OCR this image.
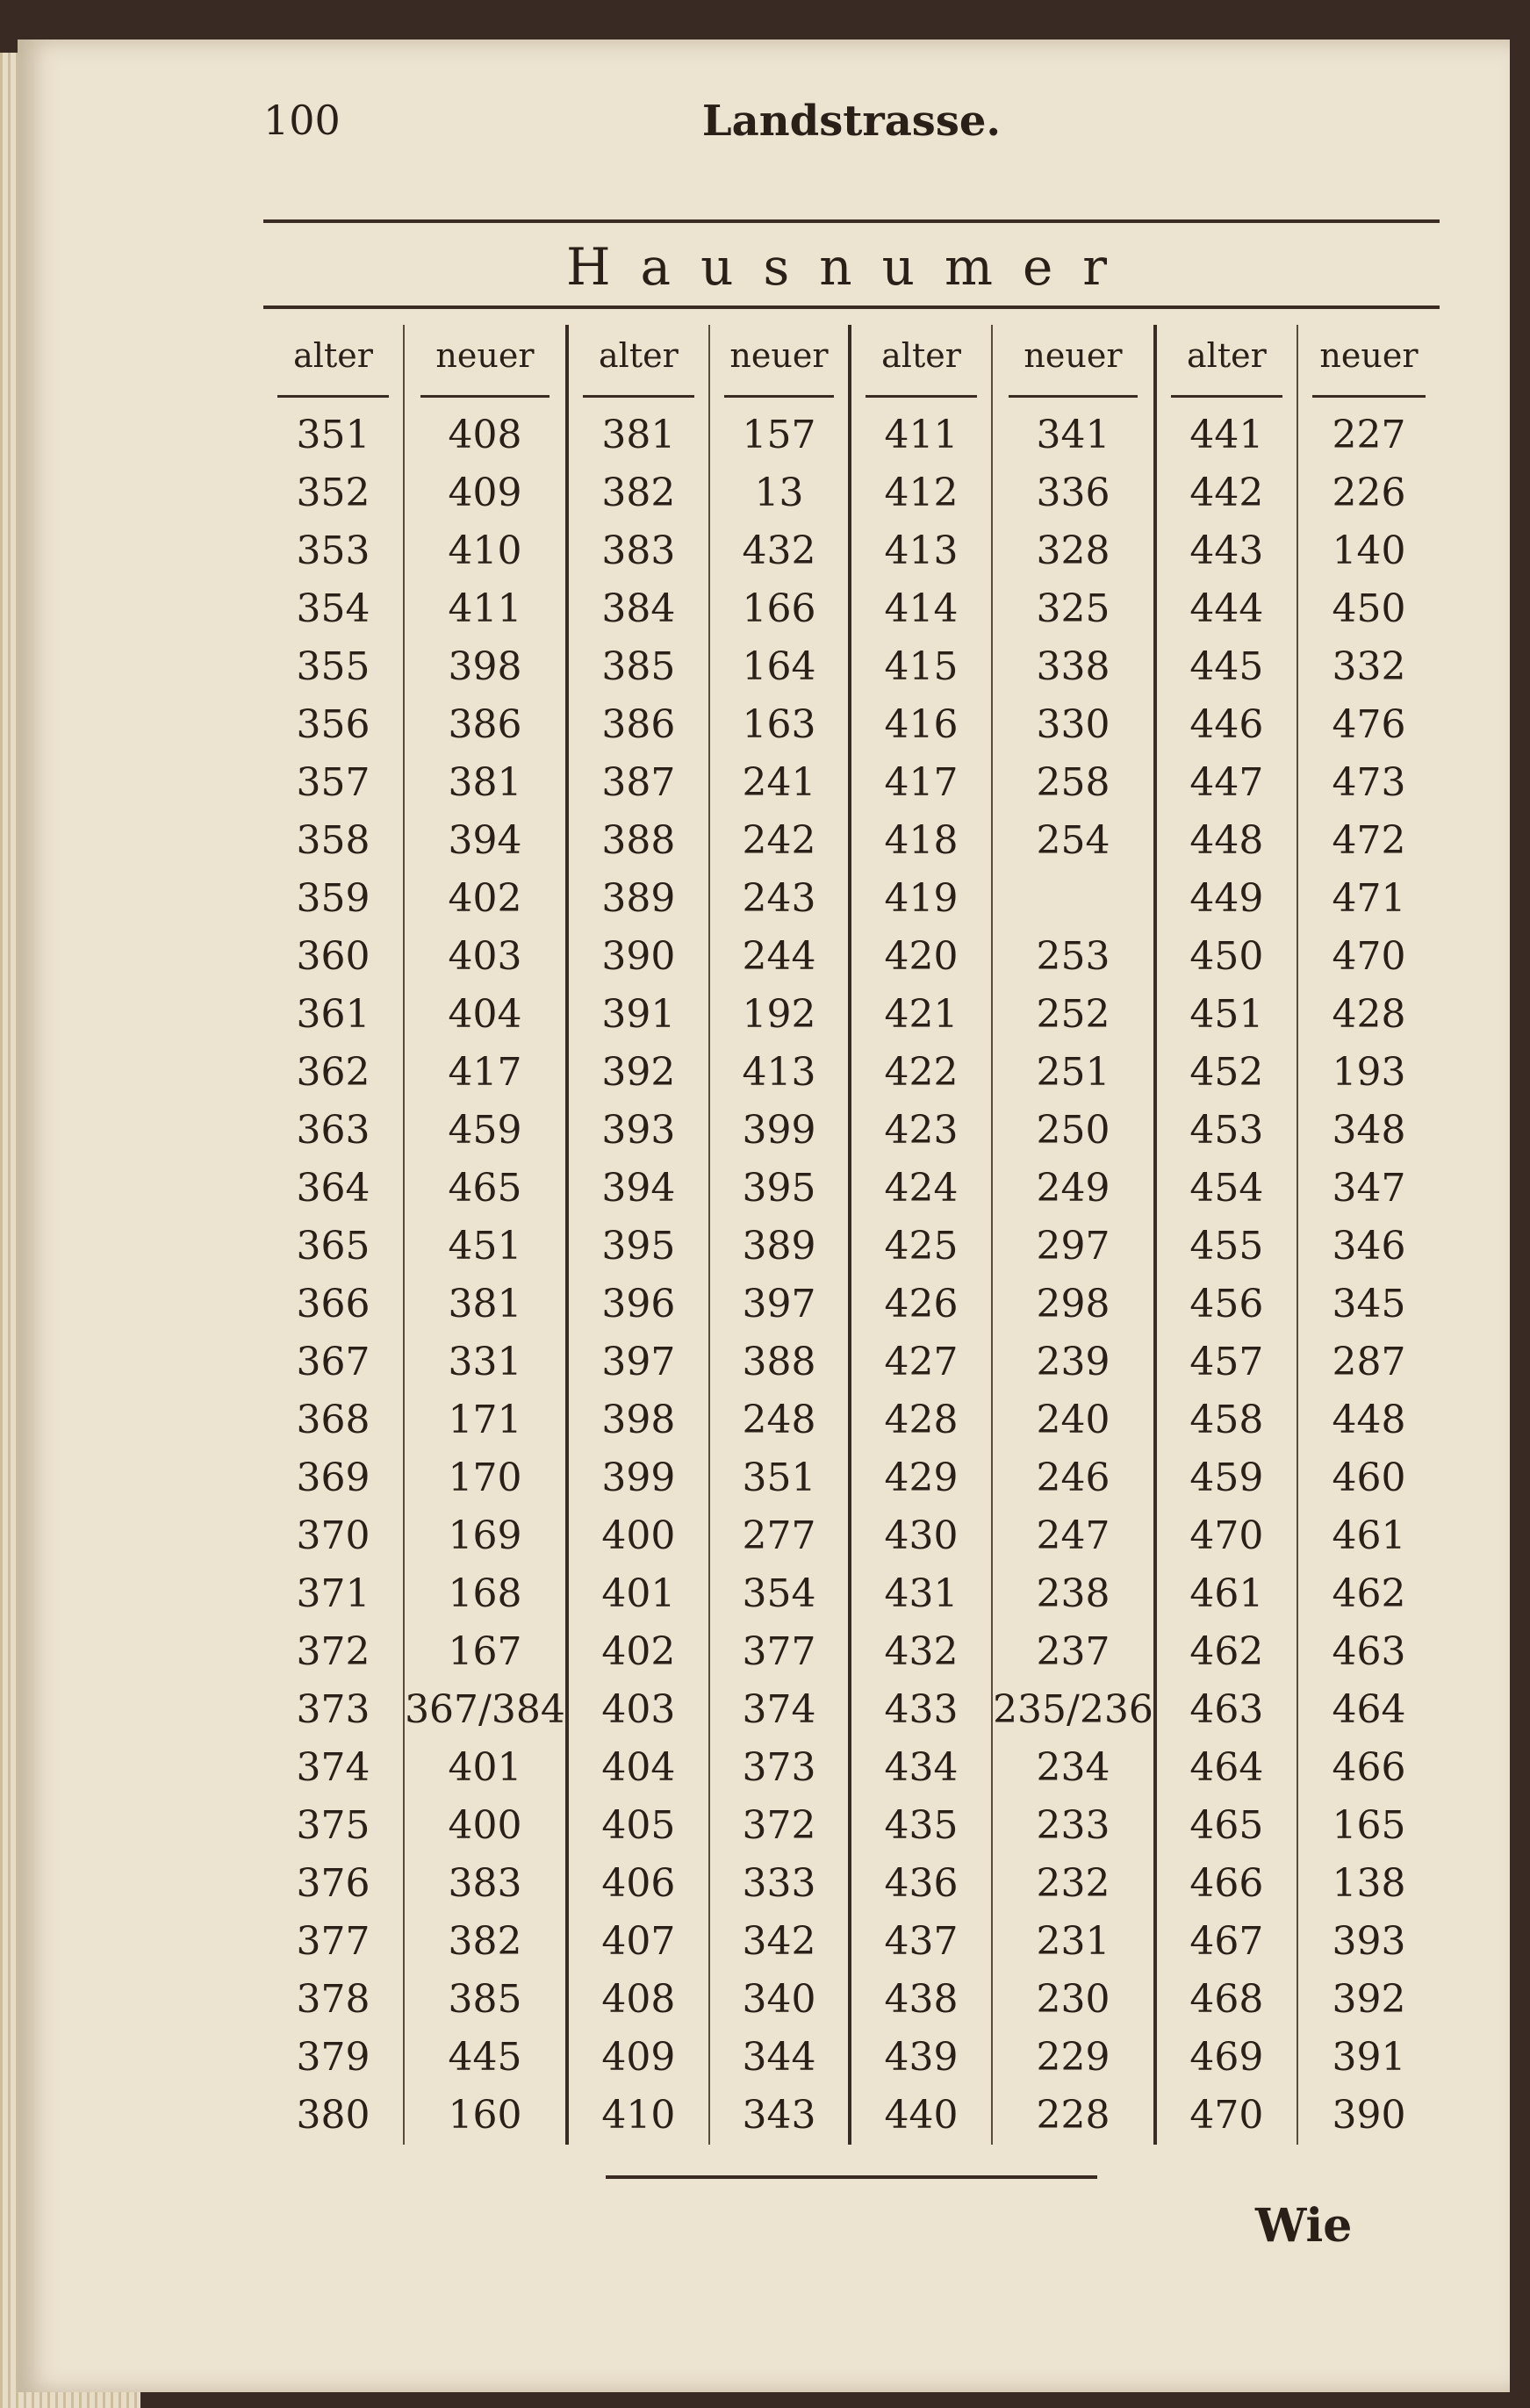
100	Landstrasse.
Hausnumer
alter
351
352
353
354
355
356
357
358
359
360
361
362
363
364
365
366
367
368
369
370
371
372
373
374
375
376
377
378
379
380
neuer
408
409
410
411
398
386
381
394
402
403
404
417
459
465
451
381
331
171
170
169
168
167
367/384
401
400
383
382
385
445
160
alter
381
382
383
384
385
386
387
388
389
390
391
392
393
394
395
396
397
398
399
400
401
402
403
404
405
406
407
408
409
410
neuer
157
13
432
166
164
163
241
242
243
244
192
413
399
395
389
397
388
248
351
277
354
377
374
373
372
333
342
340
344
343
alter
411
412
413
414
415
416
417
418
419
420
421
422
423
424
425
426
427
428
429
430
431
432
433
434
435
436
437
438
439
440
neuer
341
336
328
325
338
330
258
254
253
252
251
250
249
297
298
239
240
246
247
238
237
235/236
234
233
232
231
230
229
228
alter
441
442
443
444
445
446
447
448
449
450
451
452
453
454
455
456
457
458
459
470
461
462
463
464
465
466
467
468
469
470
neuer
227
226
140
450
332
476
473
472
471
470
428
193
348
347
346
345
287
448
460
461
462
463
464
466
165
138
393
392
391
390
Wie
